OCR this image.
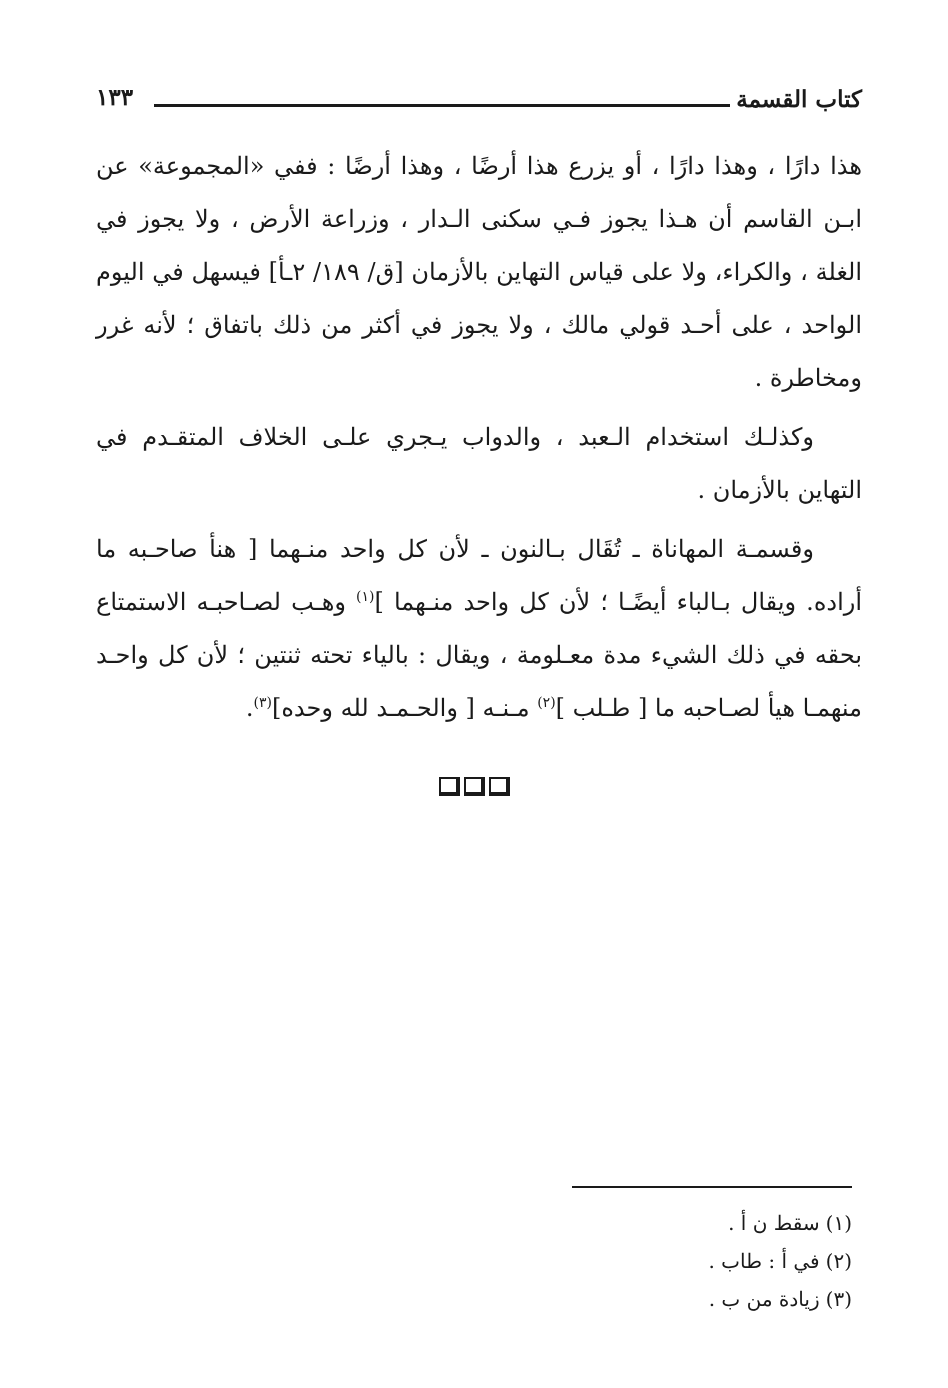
كتاب القسمة
١٣٣

هذا دارًا ، وهذا دارًا ، أو يزرع هذا أرضًا ، وهذا أرضًا : ففي «المجموعة» عن ابـن القاسم أن هـذا يجوز فـي سكنى الـدار ، وزراعة الأرض ، ولا يجوز في الغلة ، والكراء، ولا على قياس التهاين بالأزمان [ق/ ١٨٩/ ٢ـأ] فيسهل في اليوم الواحد ، على أحـد قولي مالك ، ولا يجوز في أكثر من ذلك باتفاق ؛ لأنه غرر ومخاطرة .

وكذلـك استخدام الـعبد ، والدواب يـجري علـى الخلاف المتقـدم في التهاين بالأزمان .

وقسمـة المهاناة ـ تُقَال بـالنون ـ لأن كل واحد منـهما [ هنأ صاحـبه ما أراده. ويقال بـالباء أيضًـا ؛ لأن كل واحد منـهما ]$^{(١)}$ وهـب لصـاحبـه الاستمتاع بحقه في ذلك الشيء مدة معـلومة ، ويقال : بالياء تحته ثنتين ؛ لأن كل واحـد منهمـا هيأ لصـاحبه ما [ طـلب ]$^{(٢)}$ مـنـه [ والحـمـد لله وحده]$^{(٣)}$.

(١)سقط ن أ .
(٢)في أ : طاب .
(٣)زيادة من ب .
